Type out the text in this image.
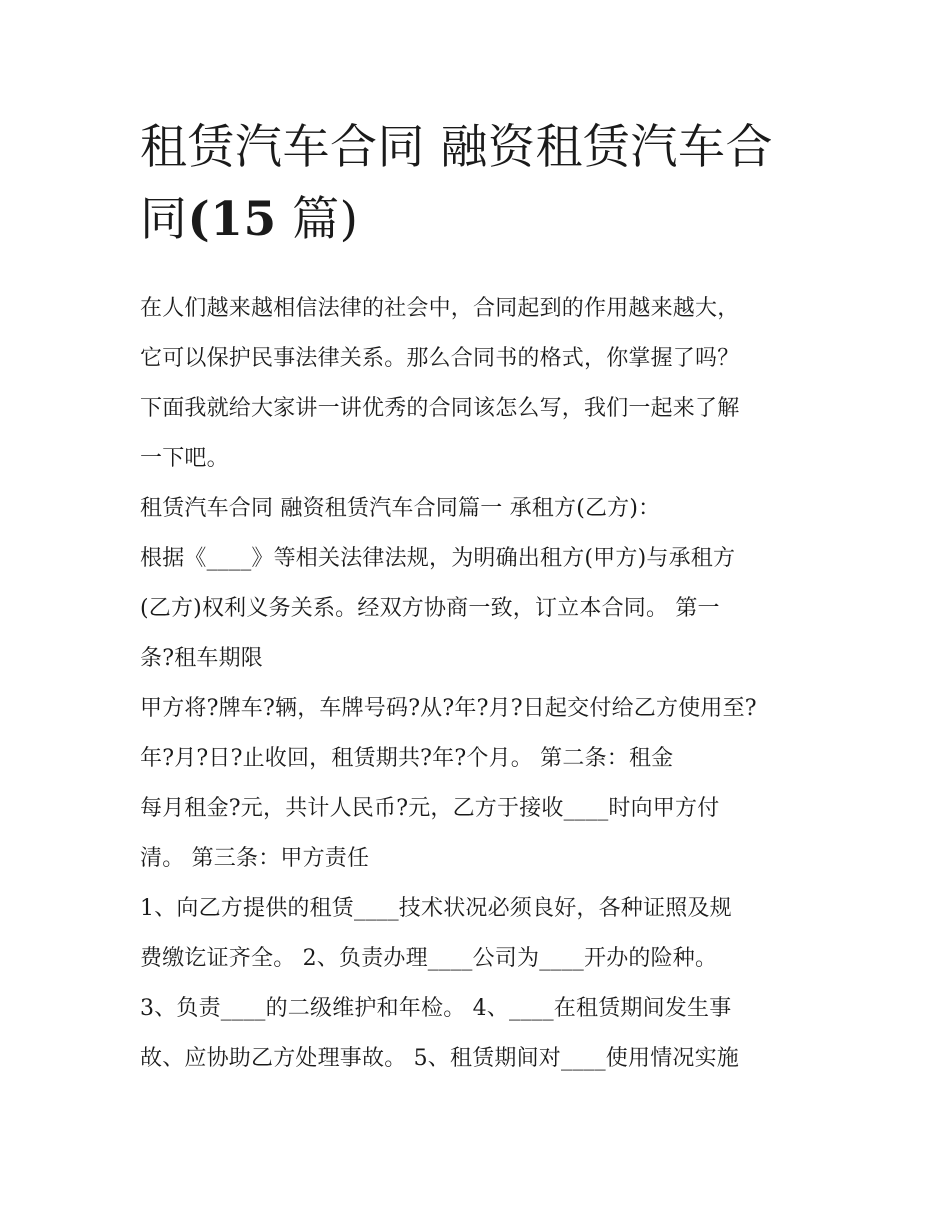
租赁汽车合同 融资租赁汽车合
同(15 篇)
在人们越来越相信法律的社会中，合同起到的作用越来越大，
它可以保护民事法律关系。那么合同书的格式，你掌握了吗？
下面我就给大家讲一讲优秀的合同该怎么写，我们一起来了解
一下吧。
租赁汽车合同 融资租赁汽车合同篇一 承租方(乙方)：
根据《____》等相关法律法规，为明确出租方(甲方)与承租方
(乙方)权利义务关系。经双方协商一致，订立本合同。 第一
条?租车期限
甲方将?牌车?辆，车牌号码?从?年?月?日起交付给乙方使用至?
年?月?日?止收回，租赁期共?年?个月。 第二条：租金
每月租金?元，共计人民币?元，乙方于接收____时向甲方付
清。 第三条：甲方责任
1、向乙方提供的租赁____技术状况必须良好，各种证照及规
费缴讫证齐全。 2、负责办理____公司为____开办的险种。
3、负责____的二级维护和年检。 4、____在租赁期间发生事
故、应协助乙方处理事故。 5、租赁期间对____使用情况实施
